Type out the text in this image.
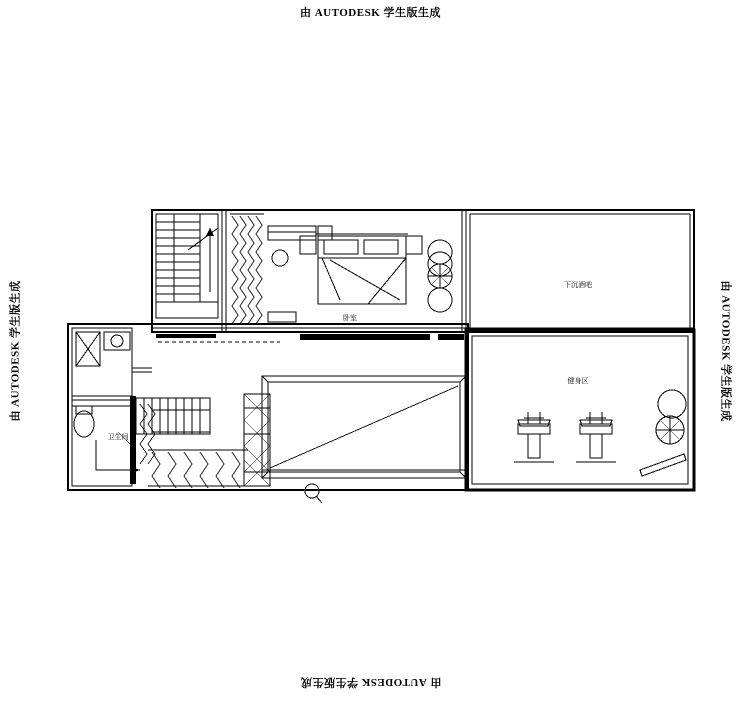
由 AUTODESK 学生版生成
由 AUTODESK 学生版生成
由 AUTODESK 学生版生成	由 AUTODESK 学生版生成
卧室
下沉酒吧
健身区
卫生间
